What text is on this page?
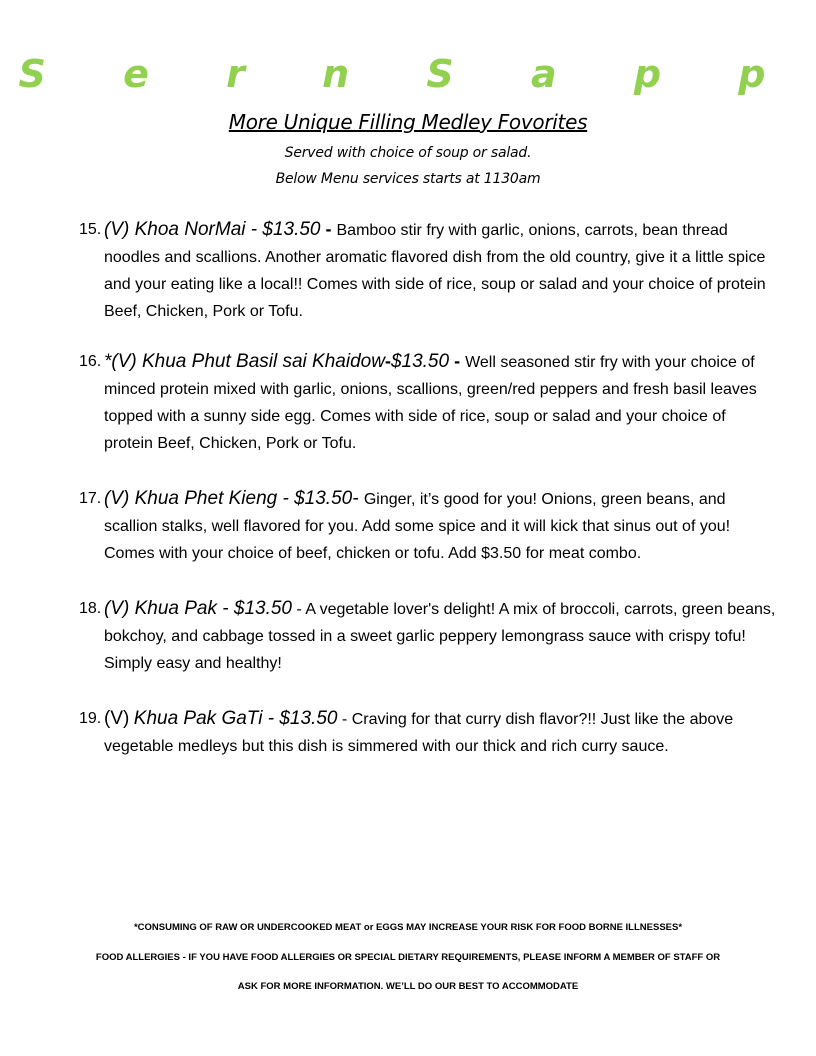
S e r n S a p p
More Unique Filling Medley Fovorites
Served with choice of soup or salad.
Below Menu services starts at 1130am
15. (V) Khoa NorMai - $13.50 - Bamboo stir fry with garlic, onions, carrots, bean thread noodles and scallions. Another aromatic flavored dish from the old country, give it a little spice and your eating like a local!! Comes with side of rice, soup or salad and your choice of protein Beef, Chicken, Pork or Tofu.
16. *(V) Khua Phut Basil sai Khaidow-$13.50 - Well seasoned stir fry with your choice of minced protein mixed with garlic, onions, scallions, green/red peppers and fresh basil leaves topped with a sunny side egg. Comes with side of rice, soup or salad and your choice of protein Beef, Chicken, Pork or Tofu.
17. (V) Khua Phet Kieng - $13.50- Ginger, it’s good for you! Onions, green beans, and scallion stalks, well flavored for you. Add some spice and it will kick that sinus out of you! Comes with your choice of beef, chicken or tofu. Add $3.50 for meat combo.
18. (V) Khua Pak - $13.50 - A vegetable lover's delight! A mix of broccoli, carrots, green beans, bokchoy, and cabbage tossed in a sweet garlic peppery lemongrass sauce with crispy tofu! Simply easy and healthy!
19. (V) Khua Pak GaTi - $13.50 - Craving for that curry dish flavor?!! Just like the above vegetable medleys but this dish is simmered with our thick and rich curry sauce.
*CONSUMING OF RAW OR UNDERCOOKED MEAT or EGGS MAY INCREASE YOUR RISK FOR FOOD BORNE ILLNESSES*
FOOD ALLERGIES - IF YOU HAVE FOOD ALLERGIES OR SPECIAL DIETARY REQUIREMENTS, PLEASE INFORM A MEMBER OF STAFF OR
ASK FOR MORE INFORMATION. WE’LL DO OUR BEST TO ACCOMMODATE
